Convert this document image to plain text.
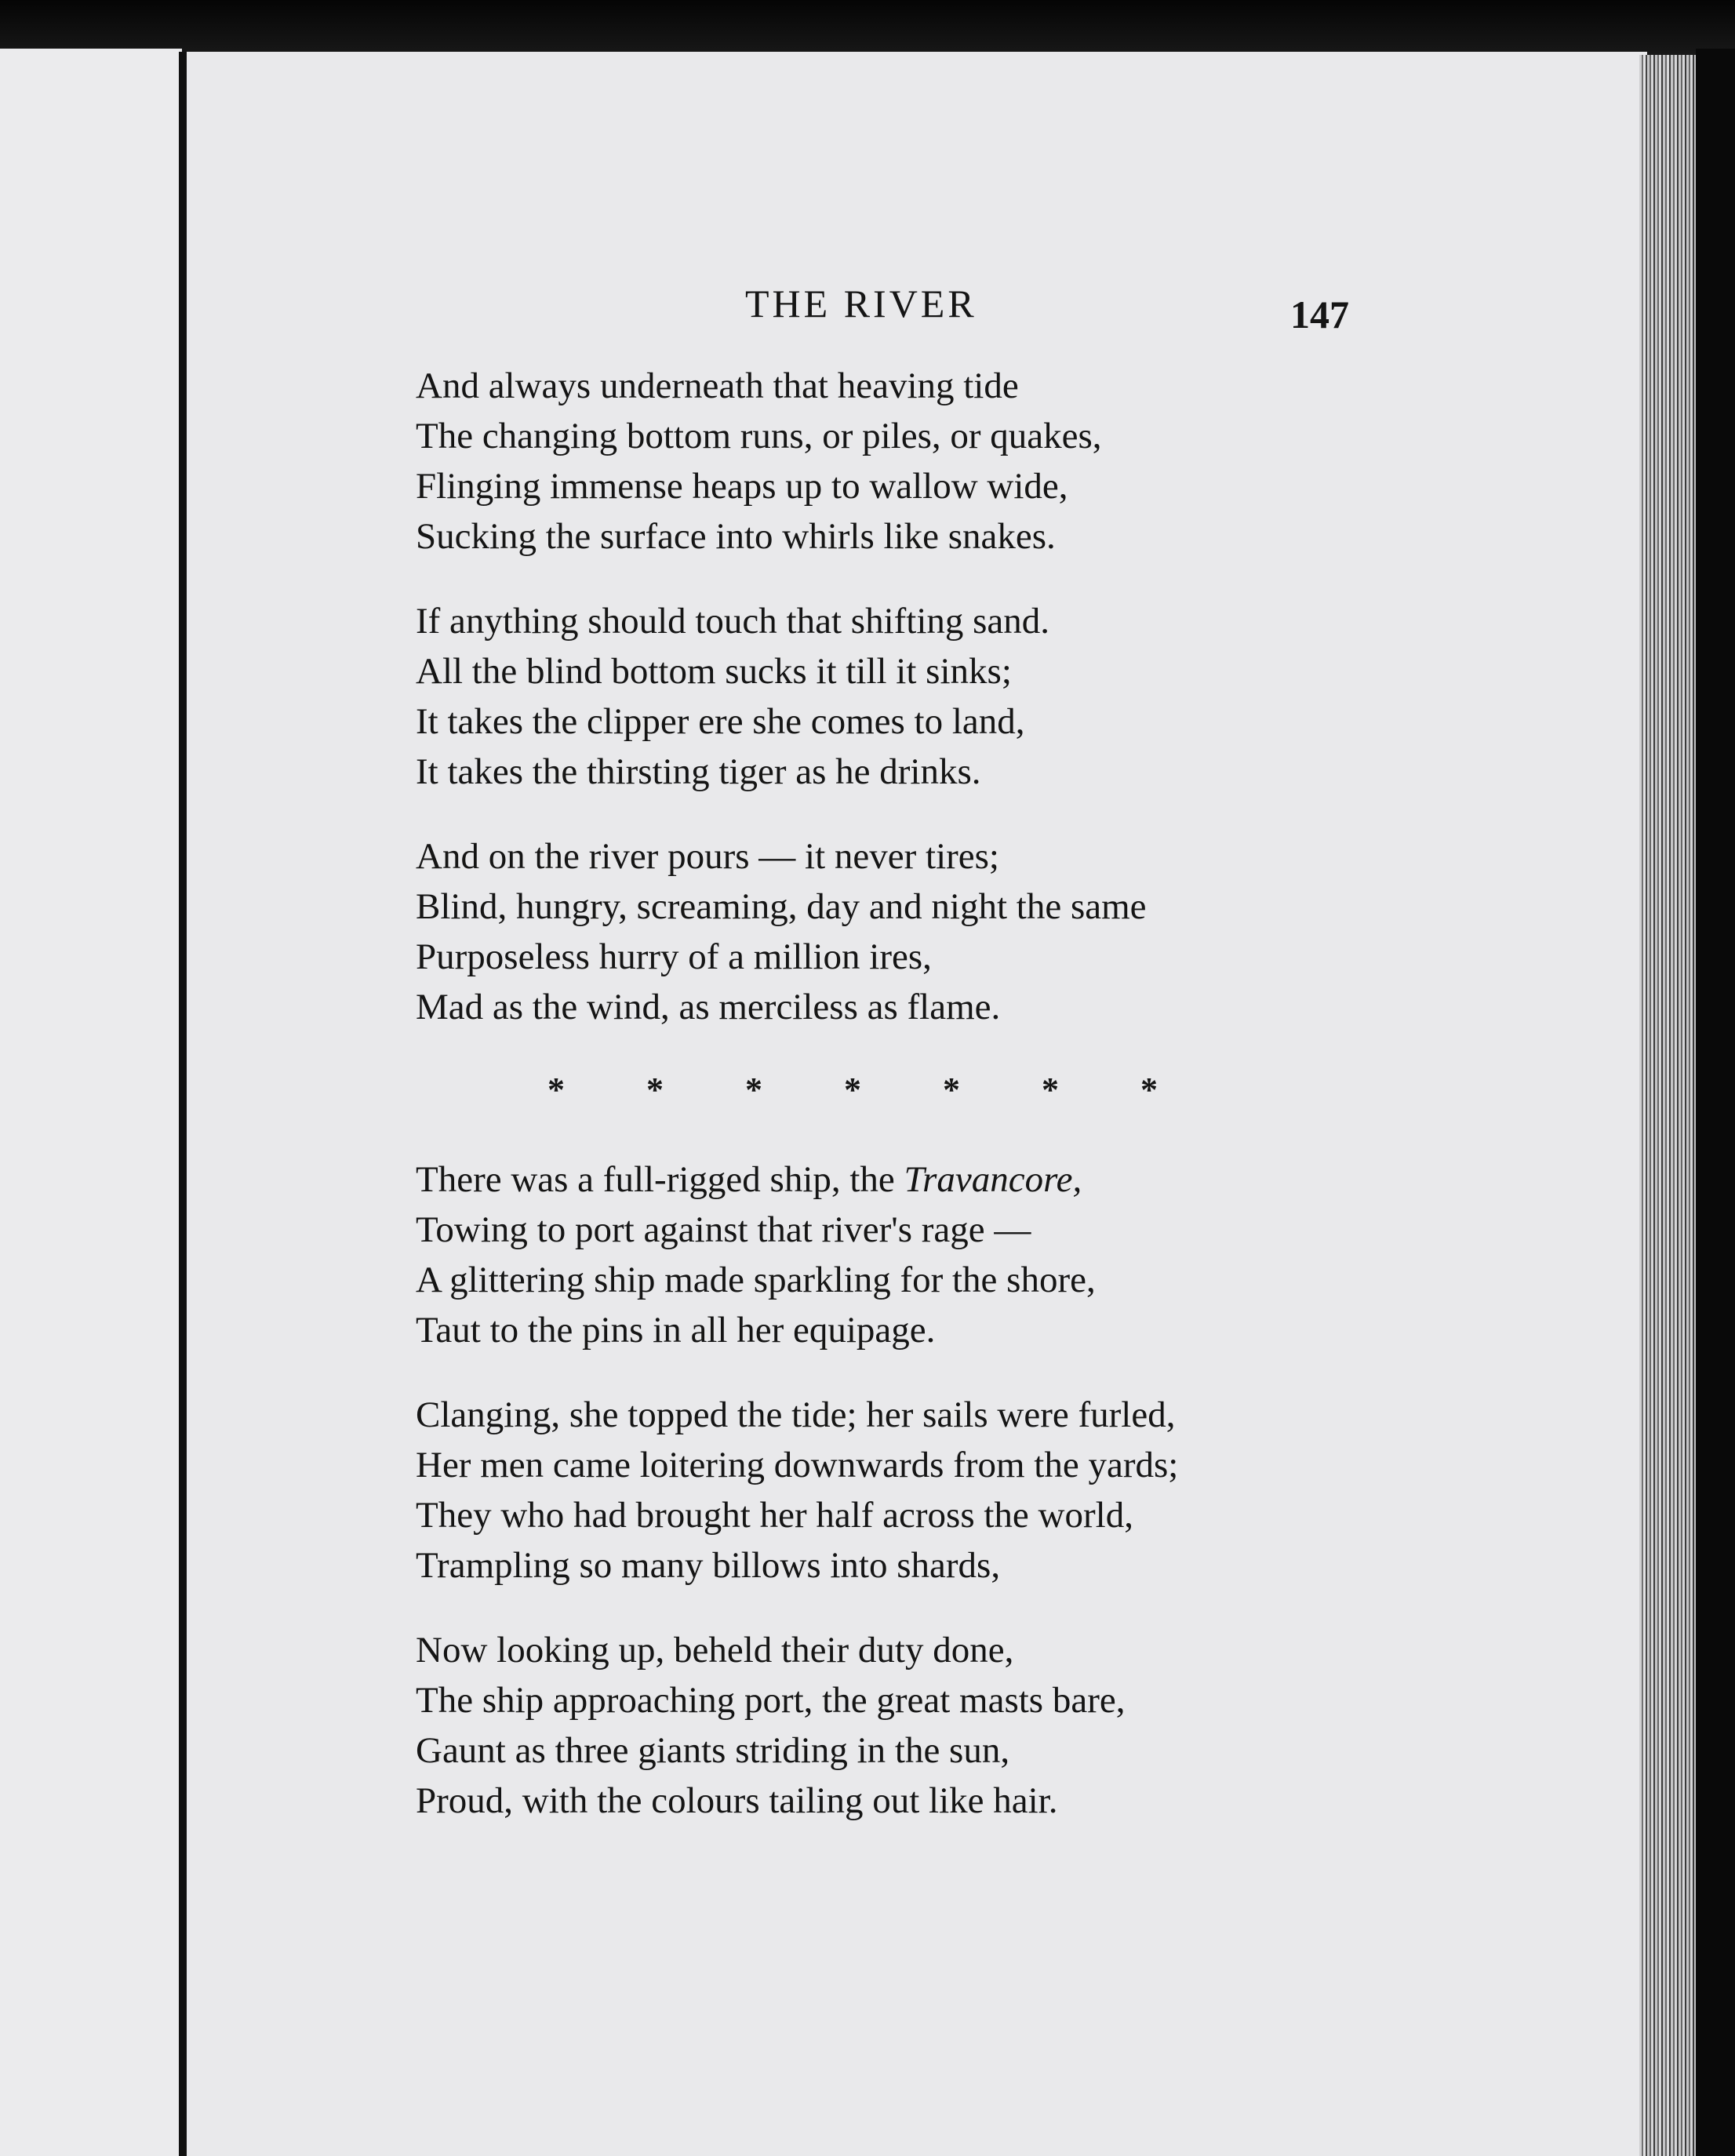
THE RIVER	147
And always underneath that heaving tide
The changing bottom runs, or piles, or quakes,
Flinging immense heaps up to wallow wide,
Sucking the surface into whirls like snakes.
If anything should touch that shifting sand.
All the blind bottom sucks it till it sinks;
It takes the clipper ere she comes to land,
It takes the thirsting tiger as he drinks.
And on the river pours — it never tires;
Blind, hungry, screaming, day and night the same
Purposeless hurry of a million ires,
Mad as the wind, as merciless as flame.
*	*	*	*	*	*	*
There was a full-rigged ship, the Travancore,
Towing to port against that river's rage —
A glittering ship made sparkling for the shore,
Taut to the pins in all her equipage.
Clanging, she topped the tide; her sails were furled,
Her men came loitering downwards from the yards;
They who had brought her half across the world,
Trampling so many billows into shards,
Now looking up, beheld their duty done,
The ship approaching port, the great masts bare,
Gaunt as three giants striding in the sun,
Proud, with the colours tailing out like hair.
